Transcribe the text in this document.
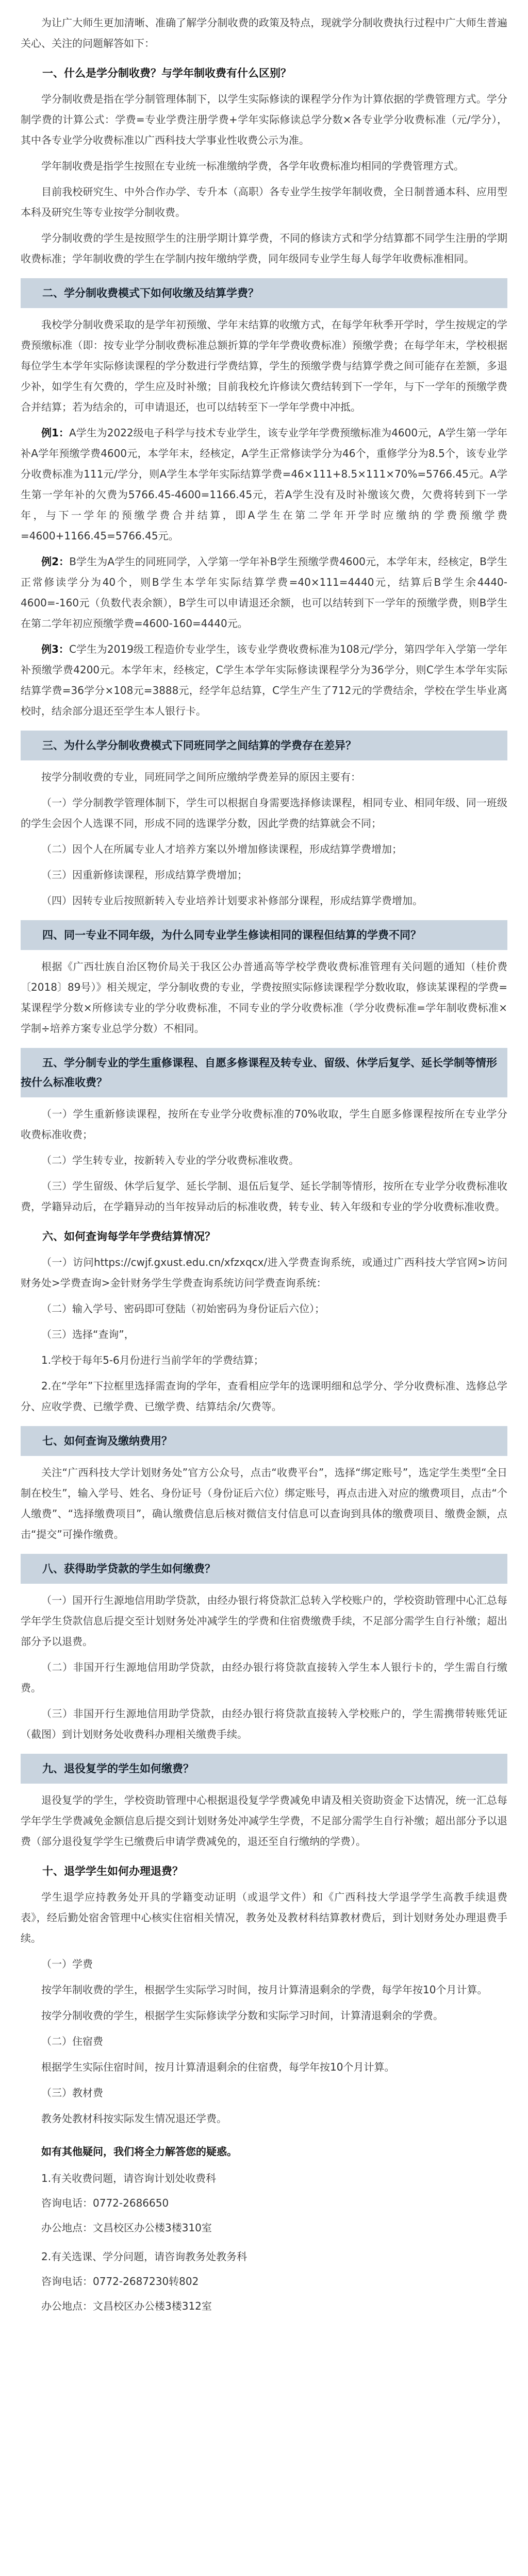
为让广大师生更加清晰、准确了解学分制收费的政策及特点，现就学分制收费执行过程中广大师生普遍关心、关注的问题解答如下：

一、什么是学分制收费？与学年制收费有什么区别？

学分制收费是指在学分制管理体制下，以学生实际修读的课程学分作为计算依据的学费管理方式。学分制学费的计算公式：学费=专业学费注册学费+学年实际修读总学分数×各专业学分收费标准（元/学分），其中各专业学分收费标准以广西科技大学事业性收费公示为准。

学年制收费是指学生按照在专业统一标准缴纳学费，各学年收费标准均相同的学费管理方式。

目前我校研究生、中外合作办学、专升本（高职）各专业学生按学年制收费，全日制普通本科、应用型本科及研究生等专业按学分制收费。

学分制收费的学生是按照学生的注册学期计算学费，不同的修读方式和学分结算都不同学生注册的学期收费标准；学年制收费的学生在学制内按年缴纳学费，同年级同专业学生每人每学年收费标准相同。

二、学分制收费模式下如何收缴及结算学费？

我校学分制收费采取的是学年初预缴、学年末结算的收缴方式，在每学年秋季开学时，学生按规定的学费预缴标准（即：按专业学分制收费标准总额折算的学年学费收费标准）预缴学费；在每学年末，学校根据每位学生本学年实际修读课程的学分数进行学费结算，学生的预缴学费与结算学费之间可能存在差额，多退少补，如学生有欠费的，学生应及时补缴；目前我校允许修读欠费结转到下一学年，与下一学年的预缴学费合并结算；若为结余的，可申请退还，也可以结转至下一学年学费中冲抵。

例1：A学生为2022级电子科学与技术专业学生，该专业学年学费预缴标准为4600元，A学生第一学年补A学年预缴学费4600元，本学年末，经核定，A学生正常修读学分为46个，重修学分为8.5个，该专业学分收费标准为111元/学分，则A学生本学年实际结算学费=46×111+8.5×111×70%=5766.45元。A学生第一学年补的欠费为5766.45-4600=1166.45元，若A学生没有及时补缴该欠费，欠费将转到下一学年，与下一学年的预缴学费合并结算，即A学生在第二学年开学时应缴纳的学费预缴学费=4600+1166.45=5766.45元。

例2：B学生为A学生的同班同学，入学第一学年补B学生预缴学费4600元，本学年末，经核定，B学生正常修读学分为40个，则B学生本学年实际结算学费=40×111=4440元，结算后B学生余4440-4600=-160元（负数代表余额），B学生可以申请退还余额，也可以结转到下一学年的预缴学费，则B学生在第二学年初应预缴学费=4600-160=4440元。

例3：C学生为2019级工程造价专业学生，该专业学费收费标准为108元/学分，第四学年入学第一学年补预缴学费4200元。本学年末，经核定，C学生本学年实际修读课程学分为36学分，则C学生本学年实际结算学费=36学分×108元=3888元，经学年总结算，C学生产生了712元的学费结余，学校在学生毕业离校时，结余部分退还至学生本人银行卡。

三、为什么学分制收费模式下同班同学之间结算的学费存在差异？

按学分制收费的专业，同班同学之间所应缴纳学费差异的原因主要有：

（一）学分制教学管理体制下，学生可以根据自身需要选择修读课程，相同专业、相同年级、同一班级的学生会因个人选课不同，形成不同的选课学分数，因此学费的结算就会不同；

（二）因个人在所属专业人才培养方案以外增加修读课程，形成结算学费增加；

（三）因重新修读课程，形成结算学费增加；

（四）因转专业后按照新转入专业培养计划要求补修部分课程，形成结算学费增加。

四、同一专业不同年级，为什么同专业学生修读相同的课程但结算的学费不同？

根据《广西壮族自治区物价局关于我区公办普通高等学校学费收费标准管理有关问题的通知（桂价费〔2018〕89号）》相关规定，学分制收费的专业，学费按照实际修读课程学分数收取，修读某课程的学费=某课程学分数×所修读专业的学分收费标准，不同专业的学分收费标准（学分收费标准=学年制收费标准×学制÷培养方案专业总学分数）不相同。

五、学分制专业的学生重修课程、自愿多修课程及转专业、留级、休学后复学、延长学制等情形按什么标准收费？

（一）学生重新修读课程，按所在专业学分收费标准的70%收取，学生自愿多修课程按所在专业学分收费标准收费；

（二）学生转专业，按新转入专业的学分收费标准收费。

（三）学生留级、休学后复学、延长学制、退伍后复学、延长学制等情形，按所在专业学分收费标准收费，学籍异动后，在学籍异动的当年按异动后的标准收费，转专业、转入年级和专业的学分收费标准收费。

六、如何查询每学年学费结算情况？

（一）访问https://cwjf.gxust.edu.cn/xfzxqcx/进入学费查询系统，或通过广西科技大学官网>访问财务处>学费查询>金针财务学生学费查询系统访问学费查询系统：

（二）输入学号、密码即可登陆（初始密码为身份证后六位）；

（三）选择“查询”，

1.学校于每年5-6月份进行当前学年的学费结算；

2.在“学年”下拉框里选择需查询的学年，查看相应学年的选课明细和总学分、学分收费标准、选修总学分、应收学费、已缴学费、已缴学费、结算结余/欠费等。

七、如何查询及缴纳费用？

关注“广西科技大学计划财务处”官方公众号，点击“收费平台”，选择“绑定账号”，选定学生类型“全日制在校生”，输入学号、姓名、身份证号（身份证后六位）绑定账号，再点击进入对应的缴费项目，点击“个人缴费”、“选择缴费项目”，确认缴费信息后核对微信支付信息可以查询到具体的缴费项目、缴费金额，点击“提交”可操作缴费。

八、获得助学贷款的学生如何缴费？

（一）国开行生源地信用助学贷款，由经办银行将贷款汇总转入学校账户的，学校资助管理中心汇总每学年学生贷款信息后提交至计划财务处冲减学生的学费和住宿费缴费手续，不足部分需学生自行补缴；超出部分予以退费。

（二）非国开行生源地信用助学贷款，由经办银行将贷款直接转入学生本人银行卡的，学生需自行缴费。

（三）非国开行生源地信用助学贷款，由经办银行将贷款直接转入学校账户的，学生需携带转账凭证（截图）到计划财务处收费科办理相关缴费手续。

九、退役复学的学生如何缴费？

退役复学的学生，学校资助管理中心根据退役复学学费减免申请及相关资助资金下达情况，统一汇总每学年学生学费减免金额信息后提交到计划财务处冲减学生学费，不足部分需学生自行补缴；超出部分予以退费（部分退役复学学生已缴费后申请学费减免的，退还至自行缴纳的学费）。

十、退学学生如何办理退费？

学生退学应持教务处开具的学籍变动证明（或退学文件）和《广西科技大学退学学生高教手续退费表》，经后勤处宿舍管理中心核实住宿相关情况，教务处及教材科结算教材费后，到计划财务处办理退费手续。

（一）学费

按学年制收费的学生，根据学生实际学习时间，按月计算清退剩余的学费，每学年按10个月计算。

按学分制收费的学生，根据学生实际修读学分数和实际学习时间，计算清退剩余的学费。

（二）住宿费

根据学生实际住宿时间，按月计算清退剩余的住宿费，每学年按10个月计算。

（三）教材费

教务处教材科按实际发生情况退还学费。

如有其他疑问，我们将全力解答您的疑惑。

1.有关收费问题，请咨询计划处收费科

咨询电话：0772-2686650

办公地点：文昌校区办公楼3楼310室

2.有关选课、学分问题，请咨询教务处教务科

咨询电话：0772-2687230转802

办公地点：文昌校区办公楼3楼312室
